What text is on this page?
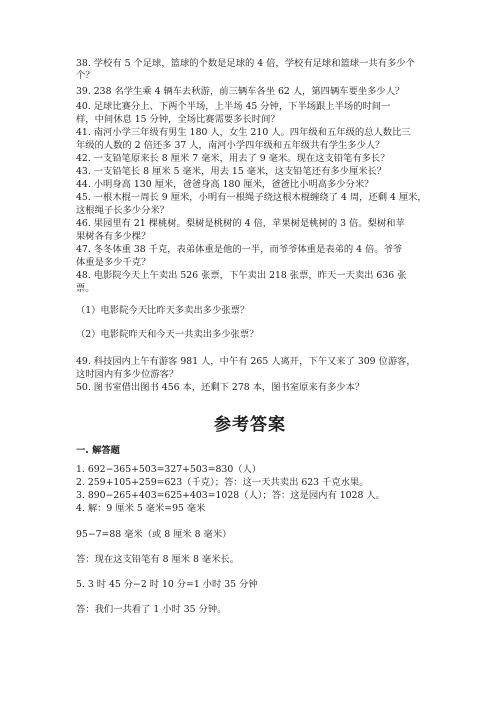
38. 学校有 5 个足球，篮球的个数是足球的 4 倍，学校有足球和篮球一共有多少个
个？
39. 238 名学生乘 4 辆车去秋游，前三辆车各坐 62 人，第四辆车要坐多少人？
40. 足球比赛分上、下两个半场，上半场 45 分钟，下半场跟上半场的时间一
样，中间休息 15 分钟，全场比赛需要多长时间？
41. 南河小学三年级有男生 180 人，女生 210 人。四年级和五年级的总人数比三
年级的人数的 2 倍还多 37 人，南河小学四年级和五年级共有学生多少人？
42. 一支铅笔原来长 8 厘米 7 毫米，用去了 9 毫米。现在这支铅笔有多长？
43. 一支铅笔长 8 厘米 5 毫米，用去 15 毫米，这支铅笔还有多少厘米长？
44. 小明身高 130 厘米，爸爸身高 180 厘米，爸爸比小明高多少分米？
45. 一根木棍一周长 9 厘米，小明有一根绳子绕这根木棍缠绕了 4 周，还剩 4 厘米，
这根绳子长多少分米？
46. 果园里有 21 棵桃树。梨树是桃树的 4 倍，苹果树是桃树的 3 倍。梨树和苹
果树各有多少棵？
47. 冬冬体重 38 千克，表弟体重是他的一半，而爷爷体重是表弟的 4 倍。爷爷
体重是多少千克？
48. 电影院今天上午卖出 526 张票，下午卖出 218 张票，昨天一天卖出 636 张
票。
（1）电影院今天比昨天多卖出多少张票？
（2）电影院昨天和今天一共卖出多少张票？
49. 科技园内上午有游客 981 人，中午有 265 人离开，下午又来了 309 位游客，
这时园内有多少位游客？
50. 图书室借出图书 456 本，还剩下 278 本，图书室原来有多少本？
参考答案
一. 解答题
1. 692−365+503=327+503=830（人）
2. 259+105+259=623（千克）；答：这一天共卖出 623 千克水果。
3. 890−265+403=625+403=1028（人）；答：这是园内有 1028 人。
4. 解：9 厘米 5 毫米=95 毫米
95−7=88 毫米（或 8 厘米 8 毫米）
答：现在这支铅笔有 8 厘米 8 毫米长。
5. 3 时 45 分−2 时 10 分=1 小时 35 分钟
答：我们一共看了 1 小时 35 分钟。
